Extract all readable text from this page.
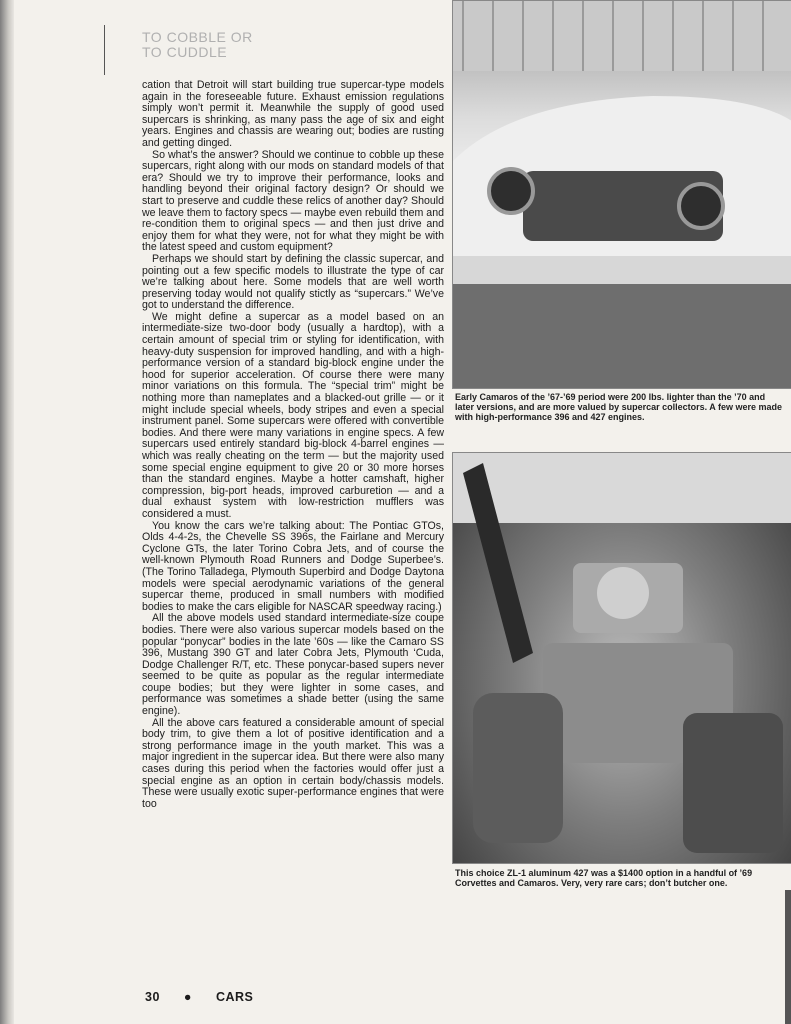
TO COBBLE OR
TO CUDDLE

cation that Detroit will start building true supercar-type models again in the foreseeable future. Exhaust emission regulations simply won’t permit it. Meanwhile the supply of good used supercars is shrinking, as many pass the age of six and eight years. Engines and chassis are wearing out; bodies are rusting and getting dinged.

So what’s the answer? Should we continue to cobble up these supercars, right along with our mods on standard models of that era? Should we try to improve their performance, looks and handling beyond their original factory design? Or should we start to preserve and cuddle these relics of another day? Should we leave them to factory specs — maybe even rebuild them and re-condition them to original specs — and then just drive and enjoy them for what they were, not for what they might be with the latest speed and custom equipment?

Perhaps we should start by defining the classic supercar, and pointing out a few specific models to illustrate the type of car we’re talking about here. Some models that are well worth preserving today would not qualify stictly as “supercars.” We’ve got to understand the difference.

We might define a supercar as a model based on an intermediate-size two-door body (usually a hardtop), with a certain amount of special trim or styling for identification, with heavy-duty suspension for improved handling, and with a high-performance version of a standard big-block engine under the hood for superior acceleration. Of course there were many minor variations on this formula. The “special trim” might be nothing more than nameplates and a blacked-out grille — or it might include special wheels, body stripes and even a special instrument panel. Some supercars were offered with convertible bodies. And there were many variations in engine specs. A few supercars used entirely standard big-block 4-barrel engines — which was really cheating on the term — but the majority used some special engine equipment to give 20 or 30 more horses than the standard engines. Maybe a hotter camshaft, higher compression, big-port heads, improved carburetion — and a dual exhaust system with low-restriction mufflers was considered a must.

You know the cars we’re talking about: The Pontiac GTOs, Olds 4-4-2s, the Chevelle SS 396s, the Fairlane and Mercury Cyclone GTs, the later Torino Cobra Jets, and of course the well-known Plymouth Road Runners and Dodge Superbee’s. (The Torino Talladega, Plymouth Superbird and Dodge Daytona models were special aerodynamic variations of the general supercar theme, produced in small numbers with modified bodies to make the cars eligible for NASCAR speedway racing.)

All the above models used standard intermediate-size coupe bodies. There were also various supercar models based on the popular “ponycar” bodies in the late ’60s — like the Camaro SS 396, Mustang 390 GT and later Cobra Jets, Plymouth ‘Cuda, Dodge Challenger R/T, etc. These ponycar-based supers never seemed to be quite as popular as the regular intermediate coupe bodies; but they were lighter in some cases, and performance was sometimes a shade better (using the same engine).

All the above cars featured a considerable amount of special body trim, to give them a lot of positive identification and a strong performance image in the youth market. This was a major ingredient in the supercar idea. But there were also many cases during this period when the factories would offer just a special engine as an option in certain body/chassis models. These were usually exotic super-performance engines that were too

Early Camaros of the ’67-’69 period were 200 lbs. lighter than the ’70 and later versions, and are more valued by supercar collectors. A few were made with high-performance 396 and 427 engines.
This choice ZL-1 aluminum 427 was a $1400 option in a handful of ’69 Corvettes and Camaros. Very, very rare cars; don’t butcher one.
30 ● CARS
